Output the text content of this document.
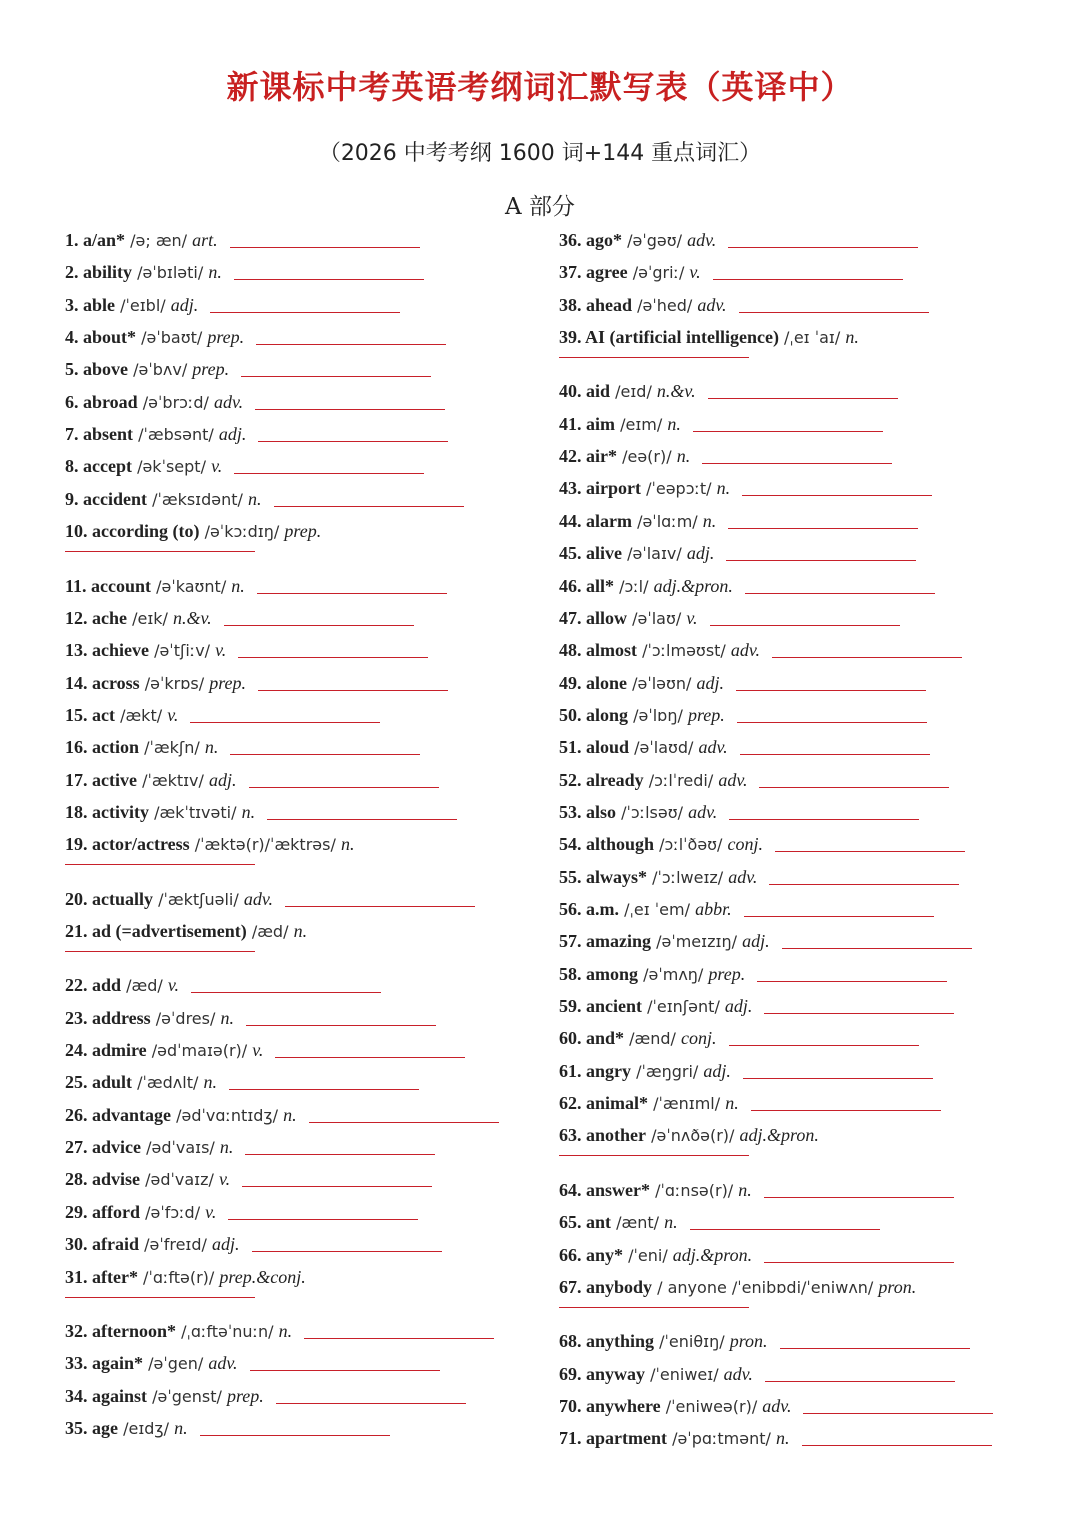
新课标中考英语考纲词汇默写表（英译中）
（2026 中考考纲 1600 词+144 重点词汇）
A 部分
1. a/an* /ə; æn/ art.
2. ability /əˈbɪləti/ n.
3. able /ˈeɪbl/ adj.
4. about* /əˈbaʊt/ prep.
5. above /əˈbʌv/ prep.
6. abroad /əˈbrɔːd/ adv.
7. absent /ˈæbsənt/ adj.
8. accept /əkˈsept/ v.
9. accident /ˈæksɪdənt/ n.
10. according (to) /əˈkɔːdɪŋ/ prep.
11. account /əˈkaʊnt/ n.
12. ache /eɪk/ n.&v.
13. achieve /əˈtʃiːv/ v.
14. across /əˈkrɒs/ prep.
15. act /ækt/ v.
16. action /ˈækʃn/ n.
17. active /ˈæktɪv/ adj.
18. activity /ækˈtɪvəti/ n.
19. actor/actress /ˈæktə(r)/ˈæktrəs/ n.
20. actually /ˈæktʃuəli/ adv.
21. ad (=advertisement) /æd/ n.
22. add /æd/ v.
23. address /əˈdres/ n.
24. admire /ədˈmaɪə(r)/ v.
25. adult /ˈædʌlt/ n.
26. advantage /ədˈvɑːntɪdʒ/ n.
27. advice /ədˈvaɪs/ n.
28. advise /ədˈvaɪz/ v.
29. afford /əˈfɔːd/ v.
30. afraid /əˈfreɪd/ adj.
31. after* /ˈɑːftə(r)/ prep.&conj.
32. afternoon* /ˌɑːftəˈnuːn/ n.
33. again* /əˈgen/ adv.
34. against /əˈgenst/ prep.
35. age /eɪdʒ/ n.
36. ago* /əˈgəʊ/ adv.
37. agree /əˈgriː/ v.
38. ahead /əˈhed/ adv.
39. AI (artificial intelligence) /ˌeɪ ˈaɪ/ n.
40. aid /eɪd/ n.&v.
41. aim /eɪm/ n.
42. air* /eə(r)/ n.
43. airport /ˈeəpɔːt/ n.
44. alarm /əˈlɑːm/ n.
45. alive /əˈlaɪv/ adj.
46. all* /ɔːl/ adj.&pron.
47. allow /əˈlaʊ/ v.
48. almost /ˈɔːlməʊst/ adv.
49. alone /əˈləʊn/ adj.
50. along /əˈlɒŋ/ prep.
51. aloud /əˈlaʊd/ adv.
52. already /ɔːlˈredi/ adv.
53. also /ˈɔːlsəʊ/ adv.
54. although /ɔːlˈðəʊ/ conj.
55. always* /ˈɔːlweɪz/ adv.
56. a.m. /ˌeɪ ˈem/ abbr.
57. amazing /əˈmeɪzɪŋ/ adj.
58. among /əˈmʌŋ/ prep.
59. ancient /ˈeɪnʃənt/ adj.
60. and* /ænd/ conj.
61. angry /ˈæŋgri/ adj.
62. animal* /ˈænɪml/ n.
63. another /əˈnʌðə(r)/ adj.&pron.
64. answer* /ˈɑːnsə(r)/ n.
65. ant /ænt/ n.
66. any* /ˈeni/ adj.&pron.
67. anybody / anyone /ˈenibɒdi/ˈeniwʌn/ pron.
68. anything /ˈeniθɪŋ/ pron.
69. anyway /ˈeniweɪ/ adv.
70. anywhere /ˈeniweə(r)/ adv.
71. apartment /əˈpɑːtmənt/ n.
